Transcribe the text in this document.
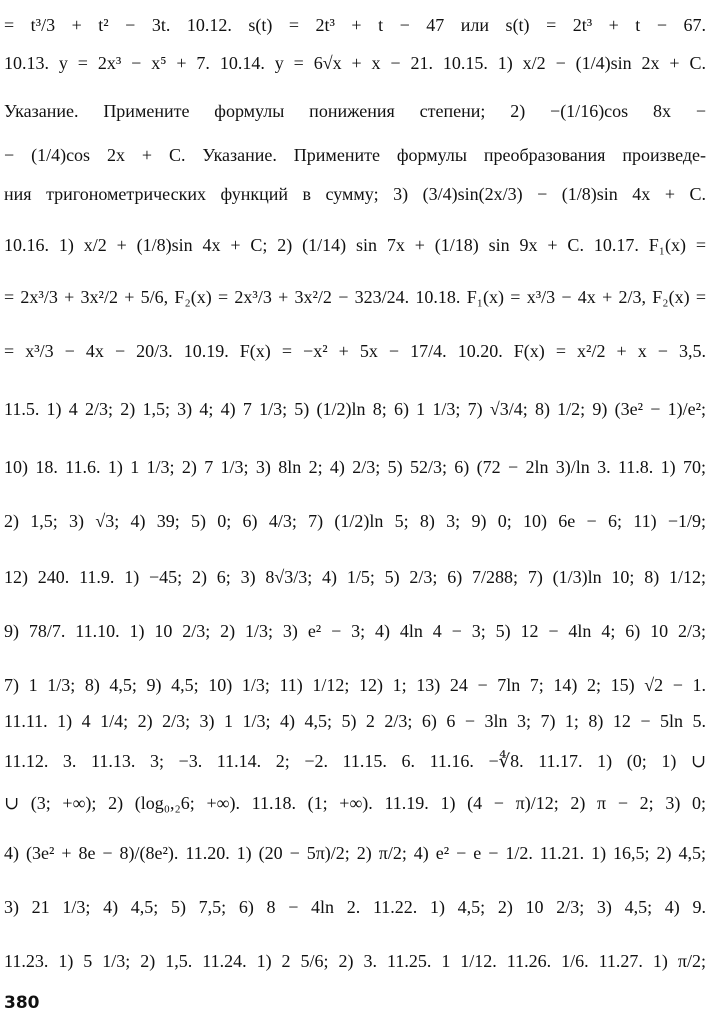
= t³/3 + t² − 3t. 10.12. s(t) = 2t³ + t − 47 или s(t) = 2t³ + t − 67.
10.13. y = 2x³ − x⁵ + 7. 10.14. y = 6√x + x − 21. 10.15. 1) x/2 − (1/4)sin 2x + C.
Указание. Примените формулы понижения степени; 2) −(1/16)cos 8x −
− (1/4)cos 2x + C. Указание. Примените формулы преобразования произведе-
ния тригонометрических функций в сумму; 3) (3/4)sin(2x/3) − (1/8)sin 4x + C.
10.16. 1) x/2 + (1/8)sin 4x + C; 2) (1/14) sin 7x + (1/18) sin 9x + C. 10.17. F₁(x) =
= 2x³/3 + 3x²/2 + 5/6, F₂(x) = 2x³/3 + 3x²/2 − 323/24. 10.18. F₁(x) = x³/3 − 4x + 2/3, F₂(x) =
= x³/3 − 4x − 20/3. 10.19. F(x) = −x² + 5x − 17/4. 10.20. F(x) = x²/2 + x − 3,5.
11.5. 1) 4 2/3; 2) 1,5; 3) 4; 4) 7 1/3; 5) (1/2)ln 8; 6) 1 1/3; 7) √3/4; 8) 1/2; 9) (3e² − 1)/e²;
10) 18. 11.6. 1) 1 1/3; 2) 7 1/3; 3) 8ln 2; 4) 2/3; 5) 52/3; 6) (72 − 2ln 3)/ln 3. 11.8. 1) 70;
2) 1,5; 3) √3; 4) 39; 5) 0; 6) 4/3; 7) (1/2)ln 5; 8) 3; 9) 0; 10) 6e − 6; 11) −1/9;
12) 240. 11.9. 1) −45; 2) 6; 3) 8√3/3; 4) 1/5; 5) 2/3; 6) 7/288; 7) (1/3)ln 10; 8) 1/12;
9) 78/7. 11.10. 1) 10 2/3; 2) 1/3; 3) e² − 3; 4) 4ln 4 − 3; 5) 12 − 4ln 4; 6) 10 2/3;
7) 1 1/3; 8) 4,5; 9) 4,5; 10) 1/3; 11) 1/12; 12) 1; 13) 24 − 7ln 7; 14) 2; 15) √2 − 1.
11.11. 1) 4 1/4; 2) 2/3; 3) 1 1/3; 4) 4,5; 5) 2 2/3; 6) 6 − 3ln 3; 7) 1; 8) 12 − 5ln 5.
11.12. 3. 11.13. 3; −3. 11.14. 2; −2. 11.15. 6. 11.16. −∜8. 11.17. 1) (0; 1) ∪
∪ (3; +∞); 2) (log₀,₂6; +∞). 11.18. (1; +∞). 11.19. 1) (4 − π)/12; 2) π − 2; 3) 0;
4) (3e² + 8e − 8)/(8e²). 11.20. 1) (20 − 5π)/2; 2) π/2; 4) e² − e − 1/2. 11.21. 1) 16,5; 2) 4,5;
3) 21 1/3; 4) 4,5; 5) 7,5; 6) 8 − 4ln 2. 11.22. 1) 4,5; 2) 10 2/3; 3) 4,5; 4) 9.
11.23. 1) 5 1/3; 2) 1,5. 11.24. 1) 2 5/6; 2) 3. 11.25. 1 1/12. 11.26. 1/6. 11.27. 1) π/2;
380
